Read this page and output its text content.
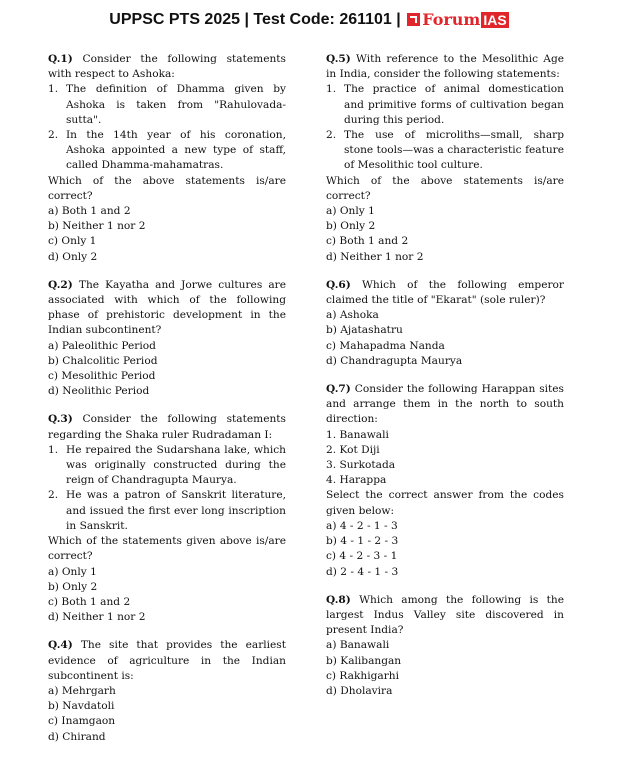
UPPSC PTS 2025 | Test Code: 261101 | Forum IAS
Q.1) Consider the following statements with respect to Ashoka:
1. The definition of Dhamma given by Ashoka is taken from "Rahulovada-sutta".
2. In the 14th year of his coronation, Ashoka appointed a new type of staff, called Dhamma-mahamatras.
Which of the above statements is/are correct?
a) Both 1 and 2
b) Neither 1 nor 2
c) Only 1
d) Only 2
Q.2) The Kayatha and Jorwe cultures are associated with which of the following phase of prehistoric development in the Indian subcontinent?
a) Paleolithic Period
b) Chalcolitic Period
c) Mesolithic Period
d) Neolithic Period
Q.3) Consider the following statements regarding the Shaka ruler Rudradaman I:
1. He repaired the Sudarshana lake, which was originally constructed during the reign of Chandragupta Maurya.
2. He was a patron of Sanskrit literature, and issued the first ever long inscription in Sanskrit.
Which of the statements given above is/are correct?
a) Only 1
b) Only 2
c) Both 1 and 2
d) Neither 1 nor 2
Q.4) The site that provides the earliest evidence of agriculture in the Indian subcontinent is:
a) Mehrgarh
b) Navdatoli
c) Inamgaon
d) Chirand
Q.5) With reference to the Mesolithic Age in India, consider the following statements:
1. The practice of animal domestication and primitive forms of cultivation began during this period.
2. The use of microliths—small, sharp stone tools—was a characteristic feature of Mesolithic tool culture.
Which of the above statements is/are correct?
a) Only 1
b) Only 2
c) Both 1 and 2
d) Neither 1 nor 2
Q.6) Which of the following emperor claimed the title of "Ekarat" (sole ruler)?
a) Ashoka
b) Ajatashatru
c) Mahapadma Nanda
d) Chandragupta Maurya
Q.7) Consider the following Harappan sites and arrange them in the north to south direction:
1. Banawali
2. Kot Diji
3. Surkotada
4. Harappa
Select the correct answer from the codes given below:
a) 4 - 2 - 1 - 3
b) 4 - 1 - 2 - 3
c) 4 - 2 - 3 - 1
d) 2 - 4 - 1 - 3
Q.8) Which among the following is the largest Indus Valley site discovered in present India?
a) Banawali
b) Kalibangan
c) Rakhigarhi
d) Dholavira
